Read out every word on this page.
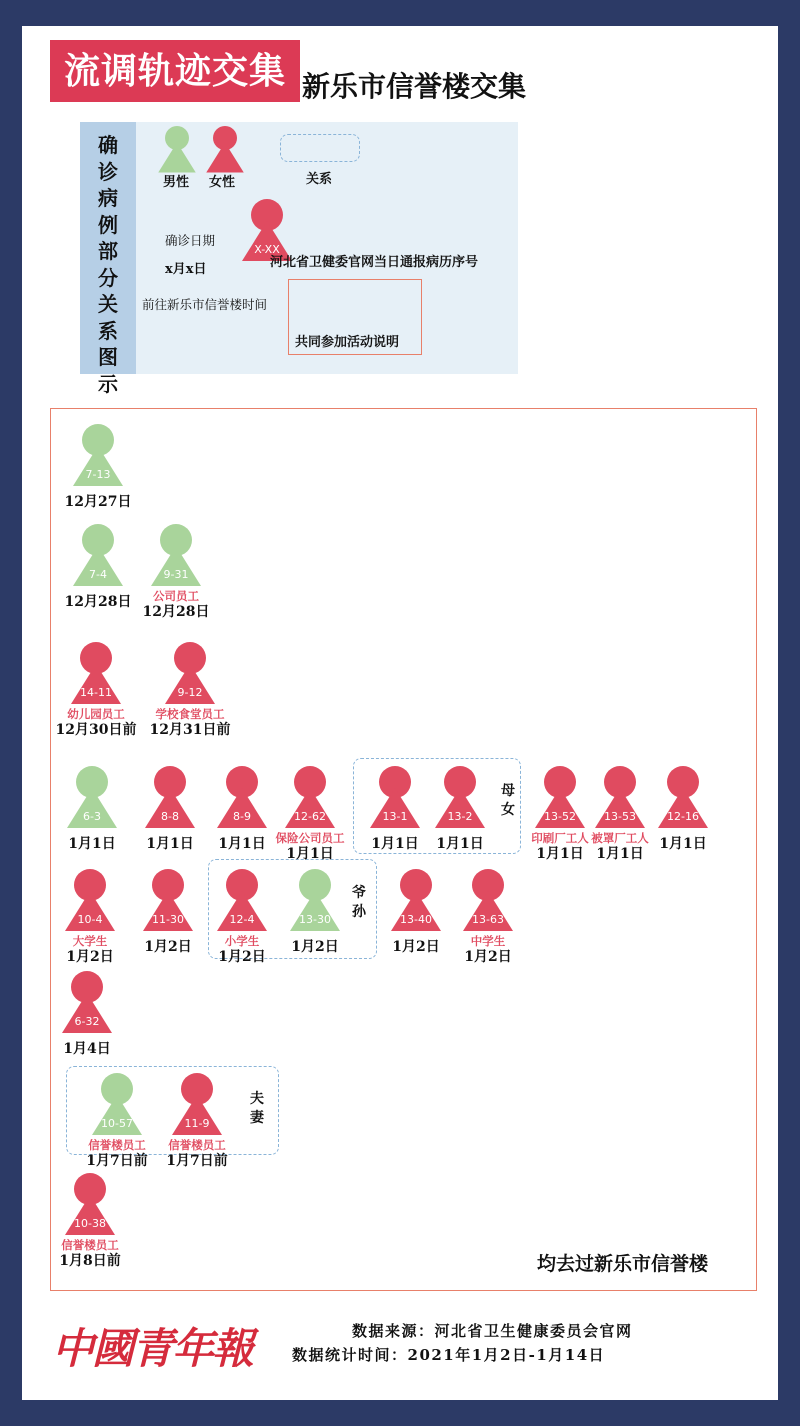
流调轨迹交集 新乐市信誉楼交集
确
诊
病
例
部
分
关
系
图
示
男性 女性	关系
X-XX
确诊日期
河北省卫健委官网当日通报病历序号
x月x日
前往新乐市信誉楼时间
共同参加活动说明
母女
爷孙
夫妻
7-13
12月27日
7-4
12月28日
9-31
公司员工
12月28日
14-11
幼儿园员工
12月30日前
9-12
学校食堂员工
12月31日前
6-3
1月1日
8-8
1月1日
8-9
1月1日
12-62
保险公司员工
1月1日
13-1
1月1日
13-2
1月1日
13-52
印刷厂工人
1月1日
13-53
被罩厂工人
1月1日
12-16
1月1日
10-4
大学生
1月2日
11-30
1月2日
12-4
小学生
1月2日
13-30
1月2日
13-40
1月2日
13-63
中学生
1月2日
6-32
1月4日
10-57
信誉楼员工
1月7日前
11-9
信誉楼员工
1月7日前
10-38
信誉楼员工
1月8日前	均去过新乐市信誉楼
中國青年報	数据来源：河北省卫生健康委员会官网
数据统计时间：2021年1月2日-1月14日
